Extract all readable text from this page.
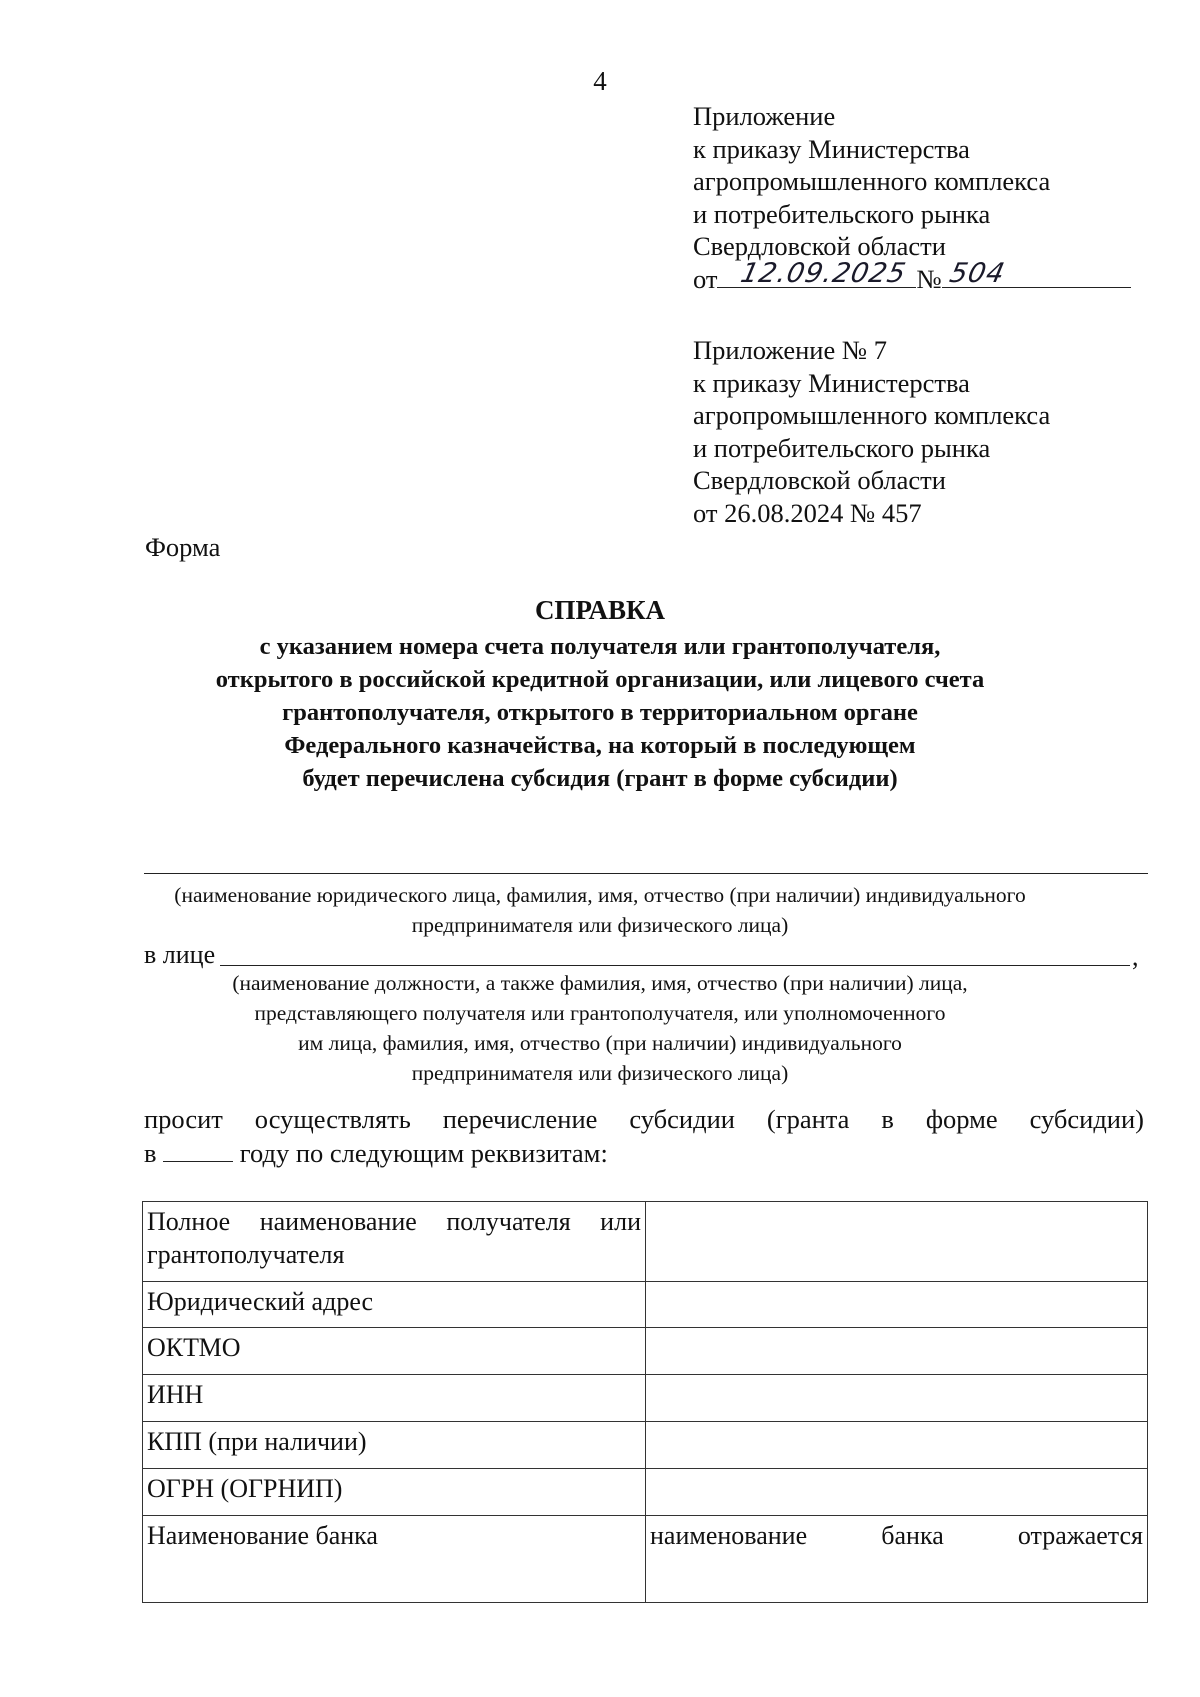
4
Приложение
к приказу Министерства
агропромышленного комплекса
и потребительского рынка
Свердловской области
от 12.09.2025 № 504
Приложение № 7
к приказу Министерства
агропромышленного комплекса
и потребительского рынка
Свердловской области
от 26.08.2024 № 457
Форма
СПРАВКА
с указанием номера счета получателя или грантополучателя,
открытого в российской кредитной организации, или лицевого счета
грантополучателя, открытого в территориальном органе
Федерального казначейства, на который в последующем
будет перечислена субсидия (грант в форме субсидии)
(наименование юридического лица, фамилия, имя, отчество (при наличии) индивидуального
предпринимателя или физического лица)
в лице	,
(наименование должности, а также фамилия, имя, отчество (при наличии) лица,
представляющего получателя или грантополучателя, или уполномоченного
им лица, фамилия, имя, отчество (при наличии) индивидуального
предпринимателя или физического лица)
просит осуществлять перечисление субсидии (гранта в форме субсидии)
в	году по следующим реквизитам:
Полное наименование получателя или грантополучателя	
Юридический адрес	
ОКТМО	
ИНН	
КПП (при наличии)	
ОГРН (ОГРНИП)	
Наименование банка	наименование банка отражается
